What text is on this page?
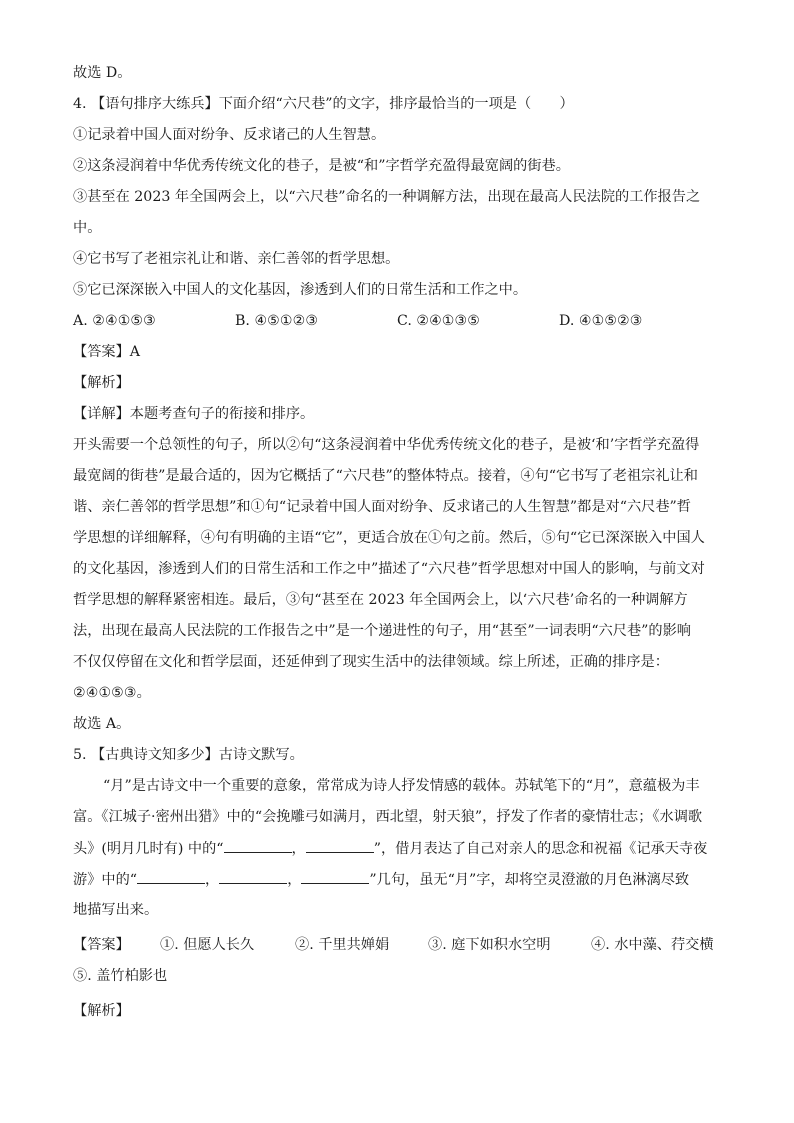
故选 D。
4. 【语句排序大练兵】下面介绍“六尺巷”的文字，排序最恰当的一项是（　　）
①记录着中国人面对纷争、反求诸己的人生智慧。
②这条浸润着中华优秀传统文化的巷子，是被“和”字哲学充盈得最宽阔的街巷。
③甚至在 2023 年全国两会上，以“六尺巷”命名的一种调解方法，出现在最高人民法院的工作报告之
中。
④它书写了老祖宗礼让和谐、亲仁善邻的哲学思想。
⑤它已深深嵌入中国人的文化基因，渗透到人们的日常生活和工作之中。
A. ②④①⑤③	B. ④⑤①②③	C. ②④①③⑤	D. ④①⑤②③
【答案】A
【解析】
【详解】本题考查句子的衔接和排序。
开头需要一个总领性的句子，所以②句“这条浸润着中华优秀传统文化的巷子，是被‘和’字哲学充盈得
最宽阔的街巷”是最合适的，因为它概括了“六尺巷”的整体特点。接着，④句“它书写了老祖宗礼让和
谐、亲仁善邻的哲学思想”和①句“记录着中国人面对纷争、反求诸己的人生智慧”都是对“六尺巷”哲
学思想的详细解释，④句有明确的主语“它”，更适合放在①句之前。然后，⑤句“它已深深嵌入中国人
的文化基因，渗透到人们的日常生活和工作之中”描述了“六尺巷”哲学思想对中国人的影响，与前文对
哲学思想的解释紧密相连。最后，③句“甚至在 2023 年全国两会上，以‘六尺巷’命名的一种调解方
法，出现在最高人民法院的工作报告之中”是一个递进性的句子，用“甚至”一词表明“六尺巷”的影响
不仅仅停留在文化和哲学层面，还延伸到了现实生活中的法律领域。综上所述，正确的排序是：
②④①⑤③。
故选 A。
5. 【古典诗文知多少】古诗文默写。
“月”是古诗文中一个重要的意象，常常成为诗人抒发情感的载体。苏轼笔下的“月”，意蕴极为丰
富。《江城子·密州出猎》中的“会挽雕弓如满月，西北望，射天狼”，抒发了作者的豪情壮志；《水调歌
头》(明月几时有) 中的“	，	”，借月表达了自己对亲人的思念和祝福《记承天寺夜
游》中的“	，	，	”几句，虽无“月”字，却将空灵澄澈的月色淋漓尽致
地描写出来。
【答案】 ①. 但愿人长久	②. 千里共婵娟	③. 庭下如积水空明	④. 水中藻、荇交横
⑤. 盖竹柏影也
【解析】
